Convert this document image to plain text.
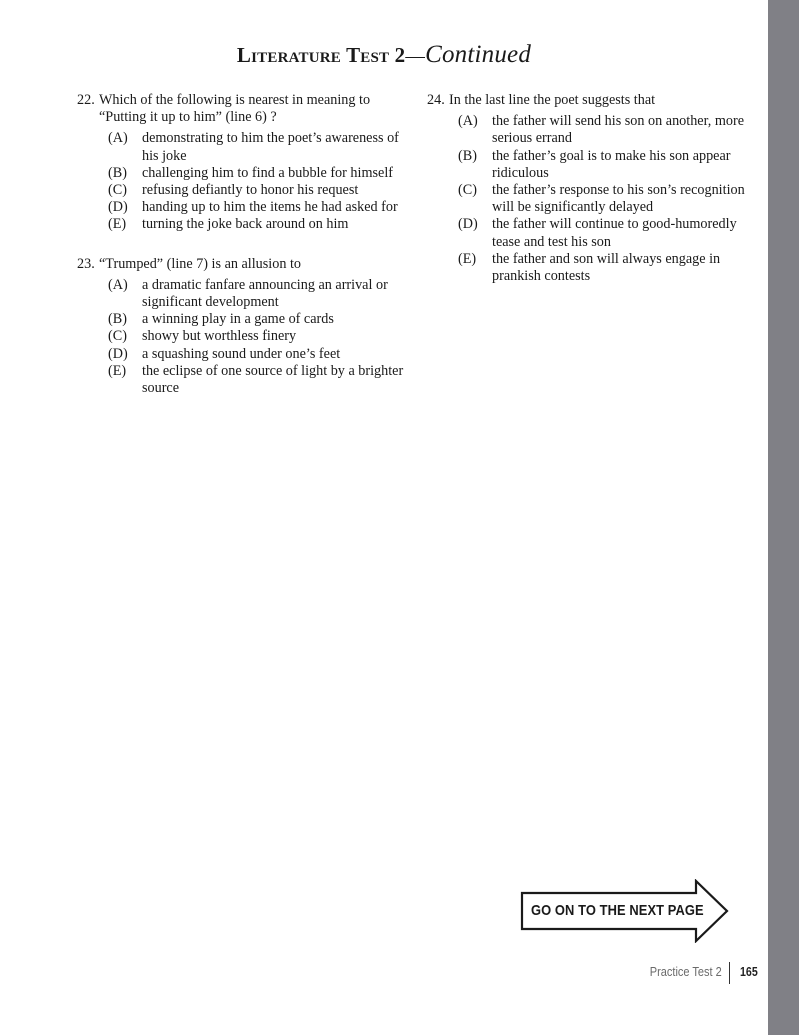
Literature Test 2—Continued
22. Which of the following is nearest in meaning to “Putting it up to him” (line 6) ?
(A) demonstrating to him the poet’s awareness of his joke
(B) challenging him to find a bubble for himself
(C) refusing defiantly to honor his request
(D) handing up to him the items he had asked for
(E) turning the joke back around on him
23. “Trumped” (line 7) is an allusion to
(A) a dramatic fanfare announcing an arrival or significant development
(B) a winning play in a game of cards
(C) showy but worthless finery
(D) a squashing sound under one’s feet
(E) the eclipse of one source of light by a brighter source
24. In the last line the poet suggests that
(A) the father will send his son on another, more serious errand
(B) the father’s goal is to make his son appear ridiculous
(C) the father’s response to his son’s recognition will be significantly delayed
(D) the father will continue to good-humoredly tease and test his son
(E) the father and son will always engage in prankish contests
GO ON TO THE NEXT PAGE
Practice Test 2 165
